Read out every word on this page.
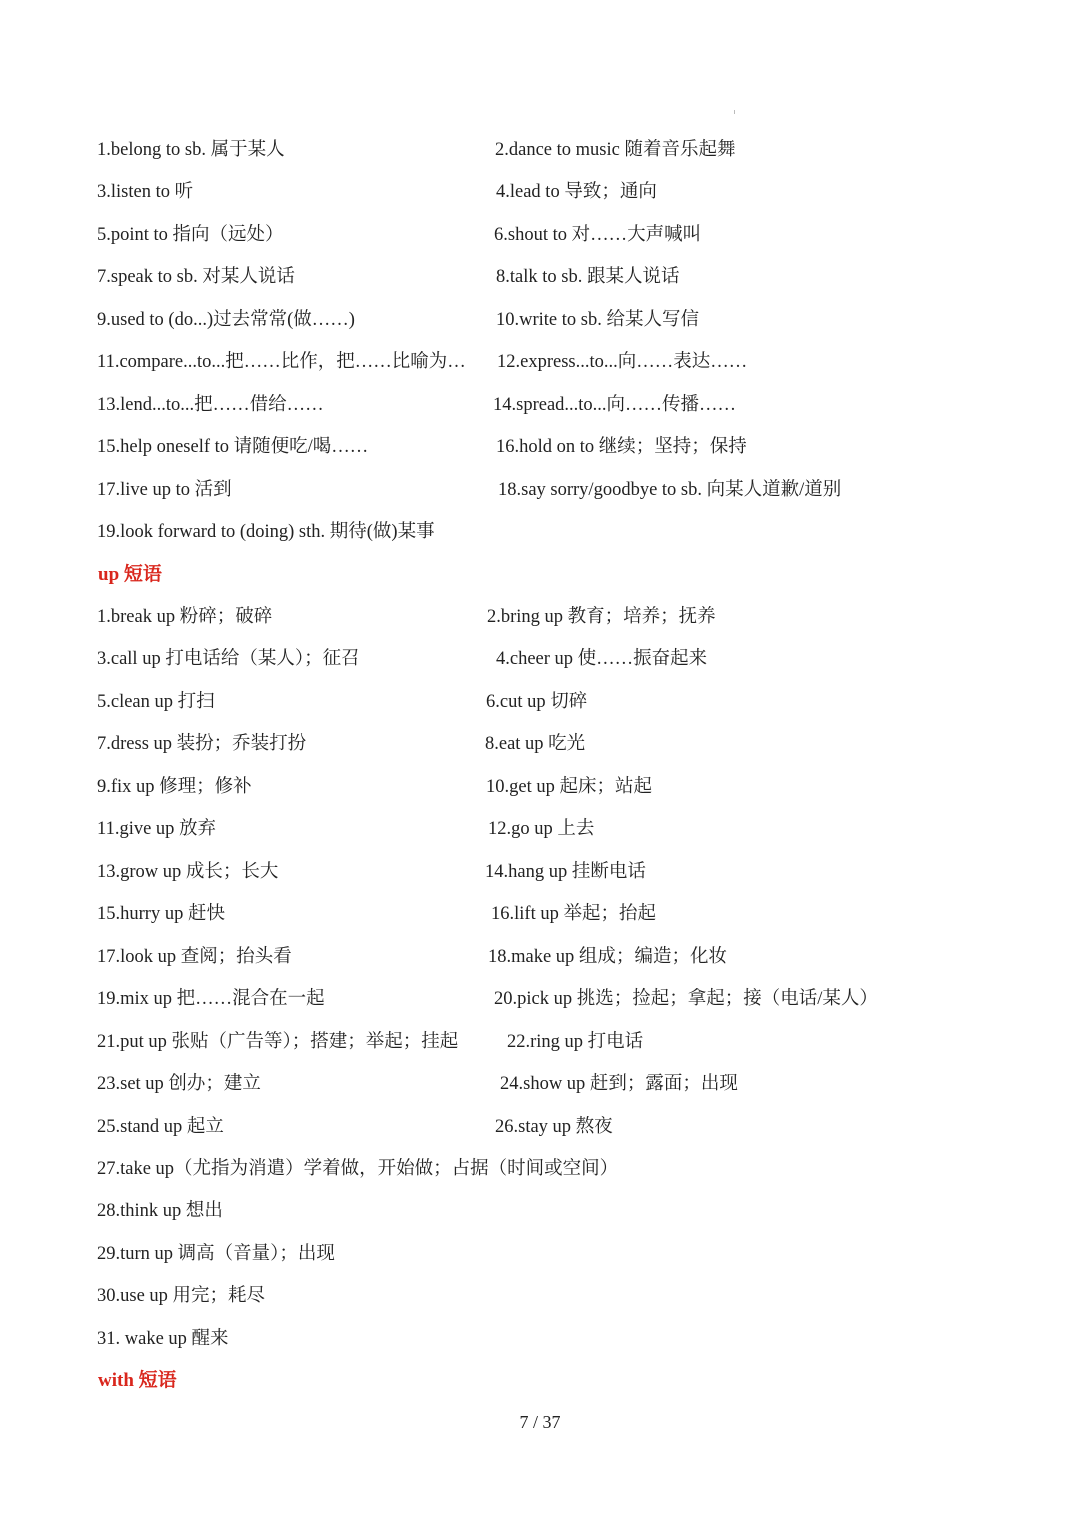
1.belong to sb. 属于某人	2.dance to music 随着音乐起舞
3.listen to 听	4.lead to 导致；通向
5.point to 指向（远处）	6.shout to 对……大声喊叫
7.speak to sb. 对某人说话	8.talk to sb. 跟某人说话
9.used to (do...)过去常常(做……)	10.write to sb. 给某人写信
11.compare...to...把……比作，把……比喻为… 12.express...to...向……表达……
13.lend...to...把……借给……	14.spread...to...向……传播……
15.help oneself to 请随便吃/喝……	16.hold on to 继续；坚持；保持
17.live up to 活到	18.say sorry/goodbye to sb. 向某人道歉/道别
19.look forward to (doing) sth. 期待(做)某事
up 短语
1.break up 粉碎；破碎	2.bring up 教育；培养；抚养
3.call up 打电话给（某人）；征召	4.cheer up 使……振奋起来
5.clean up 打扫	6.cut up 切碎
7.dress up 装扮；乔装打扮	8.eat up 吃光
9.fix up 修理；修补	10.get up 起床；站起
11.give up 放弃	12.go up 上去
13.grow up 成长；长大	14.hang up 挂断电话
15.hurry up 赶快	16.lift up 举起；抬起
17.look up 查阅；抬头看	18.make up 组成；编造；化妆
19.mix up 把……混合在一起	20.pick up 挑选；捡起；拿起；接（电话/某人）
21.put up 张贴（广告等）；搭建；举起；挂起	22.ring up 打电话
23.set up 创办；建立	24.show up 赶到；露面；出现
25.stand up 起立	26.stay up 熬夜
27.take up（尤指为消遣）学着做，开始做；占据（时间或空间）
28.think up 想出
29.turn up 调高（音量）；出现
30.use up 用完；耗尽
31. wake up 醒来
with 短语
7 / 37
